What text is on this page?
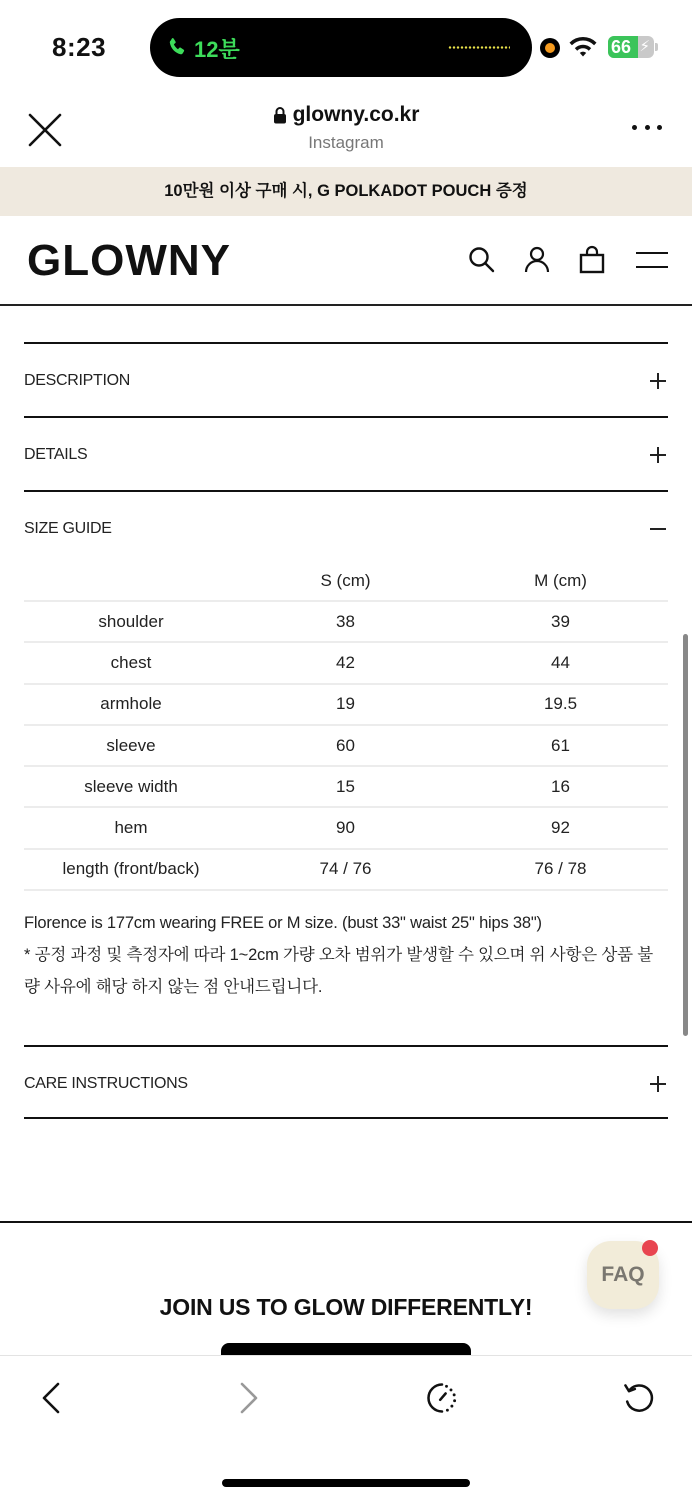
8:23	12분	66 ⚡
glowny.co.kr
Instagram
10만원 이상 구매 시, G POLKADOT POUCH 증정
GLOWNY
DESCRIPTION
DETAILS
SIZE GUIDE
	S (cm)	M (cm)
shoulder	38	39
chest	42	44
armhole	19	19.5
sleeve	60	61
sleeve width	15	16
hem	90	92
length (front/back)	74 / 76	76 / 78

Florence is 177cm wearing FREE or M size. (bust 33" waist 25" hips 38")

* 공정 과정 및 측정자에 따라 1~2cm 가량 오차 범위가 발생할 수 있으며 위 사항은 상품 불량 사유에 해당 하지 않는 점 안내드립니다.

CARE INSTRUCTIONS
JOIN US TO GLOW DIFFERENTLY!
FAQ
